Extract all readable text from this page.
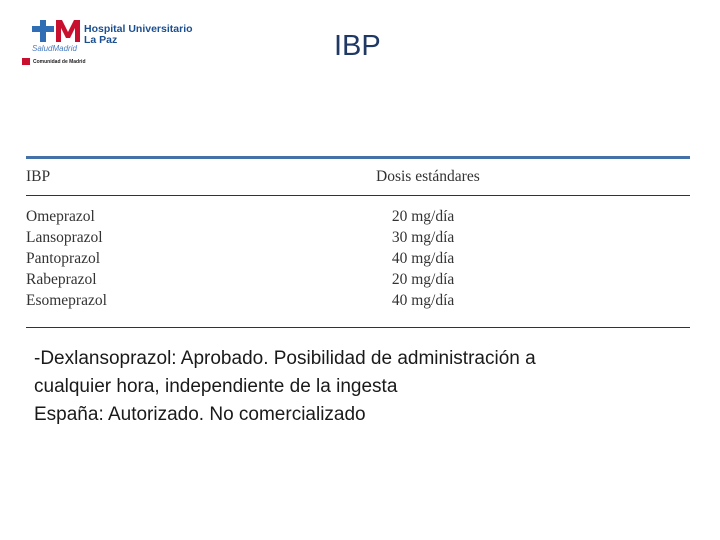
Hospital Universitario
La Paz
SaludMadrid
Comunidad de Madrid	IBP
IBP	Dosis estándares
Omeprazol	20 mg/día
Lansoprazol	30 mg/día
Pantoprazol	40 mg/día
Rabeprazol	20 mg/día
Esomeprazol	40 mg/día
-Dexlansoprazol: Aprobado. Posibilidad de administración a
cualquier hora, independiente de la ingesta
España: Autorizado. No comercializado
